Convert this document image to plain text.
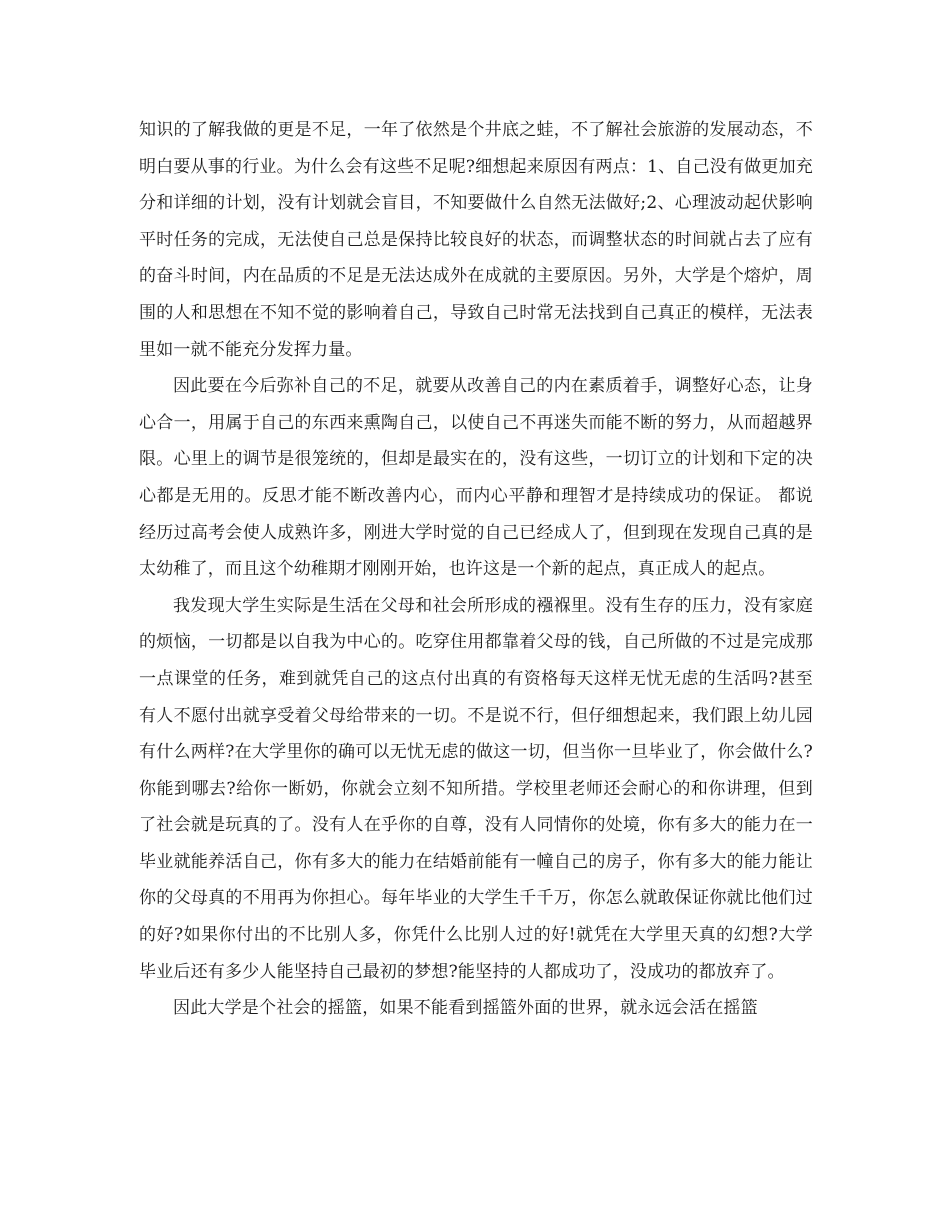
知识的了解我做的更是不足，一年了依然是个井底之蛙，不了解社会旅游的发展动态，不明白要从事的行业。为什么会有这些不足呢?细想起来原因有两点：1、自己没有做更加充分和详细的计划，没有计划就会盲目，不知要做什么自然无法做好;2、心理波动起伏影响平时任务的完成，无法使自己总是保持比较良好的状态，而调整状态的时间就占去了应有的奋斗时间，内在品质的不足是无法达成外在成就的主要原因。另外，大学是个熔炉，周围的人和思想在不知不觉的影响着自己，导致自己时常无法找到自己真正的模样，无法表里如一就不能充分发挥力量。

因此要在今后弥补自己的不足，就要从改善自己的内在素质着手，调整好心态，让身心合一，用属于自己的东西来熏陶自己，以使自己不再迷失而能不断的努力，从而超越界限。心里上的调节是很笼统的，但却是最实在的，没有这些，一切订立的计划和下定的决心都是无用的。反思才能不断改善内心，而内心平静和理智才是持续成功的保证。 都说经历过高考会使人成熟许多，刚进大学时觉的自己已经成人了，但到现在发现自己真的是太幼稚了，而且这个幼稚期才刚刚开始，也许这是一个新的起点，真正成人的起点。

我发现大学生实际是生活在父母和社会所形成的襁褓里。没有生存的压力，没有家庭的烦恼，一切都是以自我为中心的。吃穿住用都靠着父母的钱，自己所做的不过是完成那一点课堂的任务，难到就凭自己的这点付出真的有资格每天这样无忧无虑的生活吗?甚至有人不愿付出就享受着父母给带来的一切。不是说不行，但仔细想起来，我们跟上幼儿园有什么两样?在大学里你的确可以无忧无虑的做这一切，但当你一旦毕业了，你会做什么?你能到哪去?给你一断奶，你就会立刻不知所措。学校里老师还会耐心的和你讲理，但到了社会就是玩真的了。没有人在乎你的自尊，没有人同情你的处境，你有多大的能力在一毕业就能养活自己，你有多大的能力在结婚前能有一幢自己的房子，你有多大的能力能让你的父母真的不用再为你担心。每年毕业的大学生千千万，你怎么就敢保证你就比他们过的好?如果你付出的不比别人多，你凭什么比别人过的好!就凭在大学里天真的幻想?大学毕业后还有多少人能坚持自己最初的梦想?能坚持的人都成功了，没成功的都放弃了。

因此大学是个社会的摇篮，如果不能看到摇篮外面的世界，就永远会活在摇篮
